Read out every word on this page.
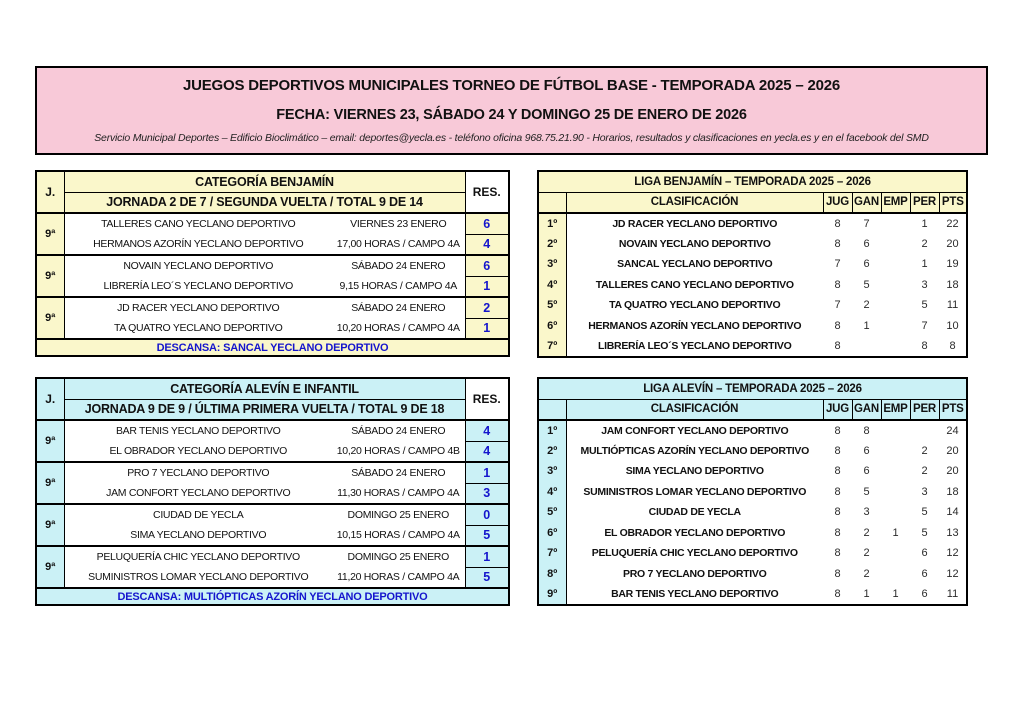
JUEGOS DEPORTIVOS MUNICIPALES TORNEO DE FÚTBOL BASE - TEMPORADA 2025 – 2026
FECHA: VIERNES 23, SÁBADO 24 Y DOMINGO 25 DE ENERO DE 2026
Servicio Municipal Deportes – Edificio Bioclimático – email: deportes@yecla.es - teléfono oficina 968.75.21.90 - Horarios, resultados y clasificaciones en yecla.es y en el facebook del SMD
J.	CATEGORÍA BENJAMÍN		RES.
	JORNADA 2 DE 7 / SEGUNDA VUELTA / TOTAL 9 DE 14		
9ª	TALLERES CANO YECLANO DEPORTIVO	VIERNES 23 ENERO	6
	HERMANOS AZORÍN YECLANO DEPORTIVO	17,00 HORAS / CAMPO 4A	4
9ª	NOVAIN YECLANO DEPORTIVO	SÁBADO 24 ENERO	6
	LIBRERÍA LEO´S YECLANO DEPORTIVO	9,15 HORAS / CAMPO 4A	1
9ª	JD RACER YECLANO DEPORTIVO	SÁBADO 24 ENERO	2
	TA QUATRO YECLANO DEPORTIVO	10,20 HORAS / CAMPO 4A	1
DESCANSA: SANCAL YECLANO DEPORTIVO			
LIGA BENJAMÍN – TEMPORADA 2025 – 2026						
	CLASIFICACIÓN	JUG	GAN	EMP	PER	PTS
1º	JD RACER YECLANO DEPORTIVO	8	7		1	22
2º	NOVAIN YECLANO DEPORTIVO	8	6		2	20
3º	SANCAL YECLANO DEPORTIVO	7	6		1	19
4º	TALLERES CANO YECLANO DEPORTIVO	8	5		3	18
5º	TA QUATRO YECLANO DEPORTIVO	7	2		5	11
6º	HERMANOS AZORÍN YECLANO DEPORTIVO	8	1		7	10
7º	LIBRERÍA LEO´S YECLANO DEPORTIVO	8			8	8
J.	CATEGORÍA ALEVÍN E INFANTIL		RES.
	JORNADA 9 DE 9 / ÚLTIMA PRIMERA VUELTA / TOTAL 9 DE 18		
9ª	BAR TENIS YECLANO DEPORTIVO	SÁBADO 24 ENERO	4
	EL OBRADOR YECLANO DEPORTIVO	10,20 HORAS / CAMPO 4B	4
9ª	PRO 7 YECLANO DEPORTIVO	SÁBADO 24 ENERO	1
	JAM CONFORT YECLANO DEPORTIVO	11,30 HORAS / CAMPO 4A	3
9ª	CIUDAD DE YECLA	DOMINGO 25 ENERO	0
	SIMA YECLANO DEPORTIVO	10,15 HORAS / CAMPO 4A	5
9ª	PELUQUERÍA CHIC YECLANO DEPORTIVO	DOMINGO 25 ENERO	1
	SUMINISTROS LOMAR YECLANO DEPORTIVO	11,20 HORAS / CAMPO 4A	5
DESCANSA: MULTIÓPTICAS AZORÍN YECLANO DEPORTIVO			
LIGA ALEVÍN – TEMPORADA 2025 – 2026						
	CLASIFICACIÓN	JUG	GAN	EMP	PER	PTS
1º	JAM CONFORT YECLANO DEPORTIVO	8	8			24
2º	MULTIÓPTICAS AZORÍN YECLANO DEPORTIVO	8	6		2	20
3º	SIMA YECLANO DEPORTIVO	8	6		2	20
4º	SUMINISTROS LOMAR YECLANO DEPORTIVO	8	5		3	18
5º	CIUDAD DE YECLA	8	3		5	14
6º	EL OBRADOR YECLANO DEPORTIVO	8	2	1	5	13
7º	PELUQUERÍA CHIC YECLANO DEPORTIVO	8	2		6	12
8º	PRO 7 YECLANO DEPORTIVO	8	2		6	12
9º	BAR TENIS YECLANO DEPORTIVO	8	1	1	6	11
